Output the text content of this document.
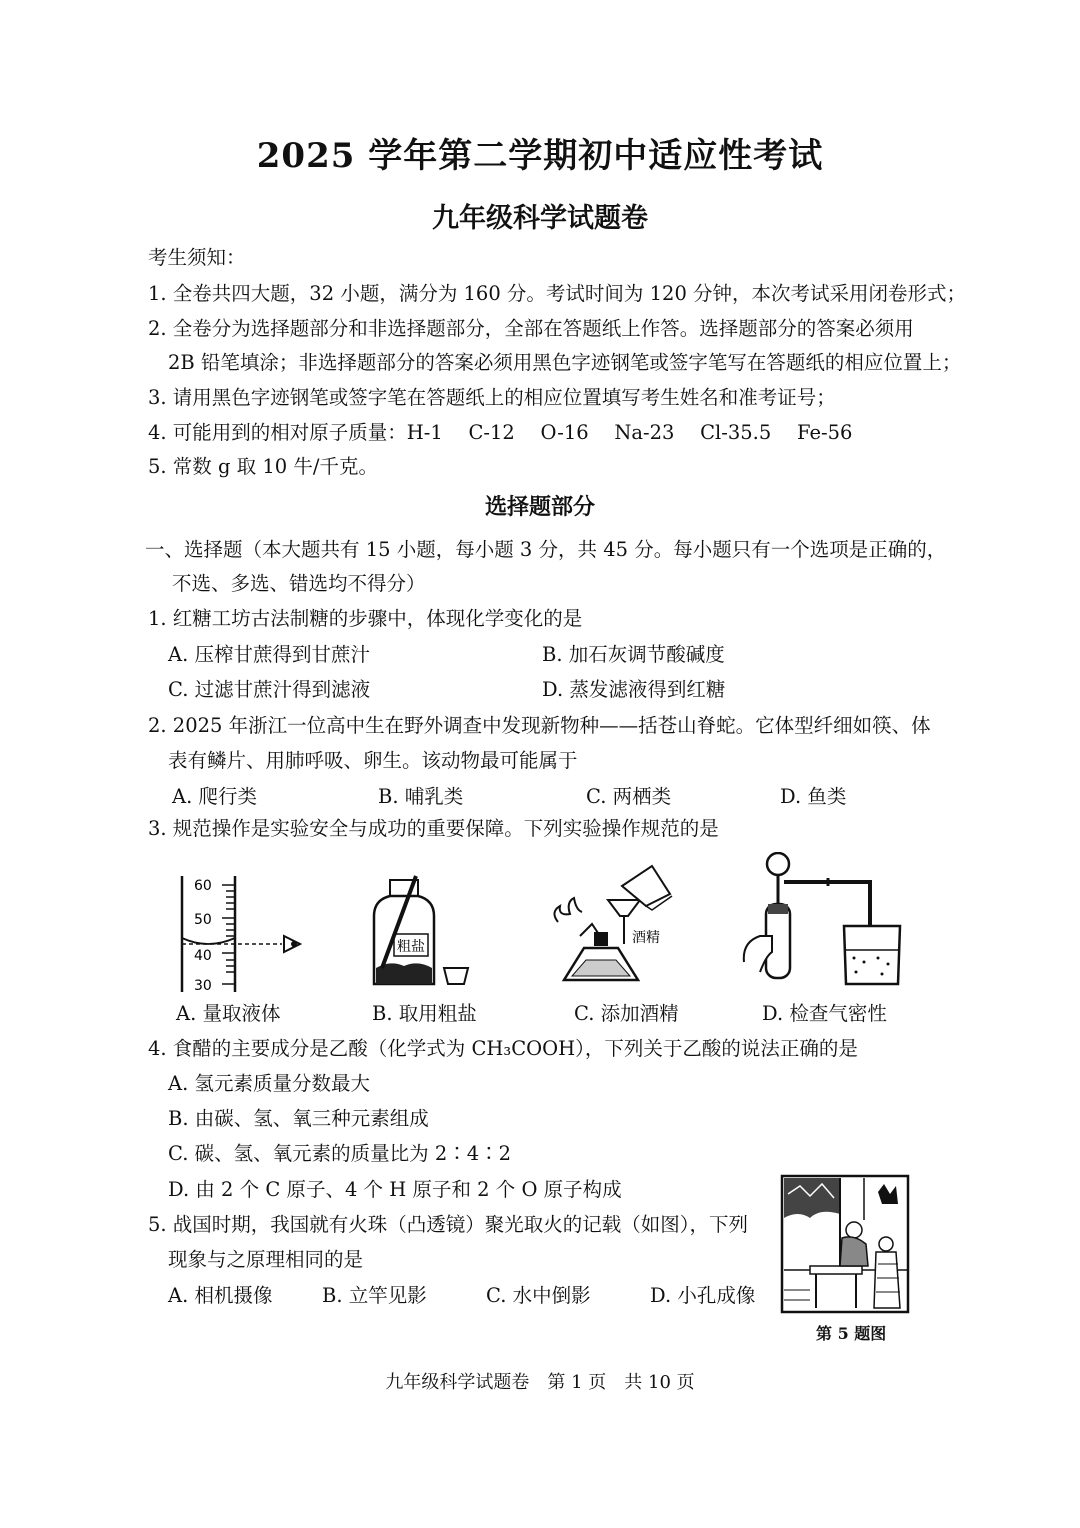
2025 学年第二学期初中适应性考试
九年级科学试题卷
考生须知：
1. 全卷共四大题，32 小题，满分为 160 分。考试时间为 120 分钟，本次考试采用闭卷形式；
2. 全卷分为选择题部分和非选择题部分，全部在答题纸上作答。选择题部分的答案必须用
2B 铅笔填涂；非选择题部分的答案必须用黑色字迹钢笔或签字笔写在答题纸的相应位置上；
3. 请用黑色字迹钢笔或签字笔在答题纸上的相应位置填写考生姓名和准考证号；
4. 可能用到的相对原子质量：H-1　 C-12　 O-16　 Na-23　 Cl-35.5　 Fe-56
5. 常数 g 取 10 牛/千克。
选择题部分
一、选择题（本大题共有 15 小题，每小题 3 分，共 45 分。每小题只有一个选项是正确的，
不选、多选、错选均不得分）
1. 红糖工坊古法制糖的步骤中，体现化学变化的是
A. 压榨甘蔗得到甘蔗汁	B. 加石灰调节酸碱度
C. 过滤甘蔗汁得到滤液	D. 蒸发滤液得到红糖
2. 2025 年浙江一位高中生在野外调查中发现新物种——括苍山脊蛇。它体型纤细如筷、体
表有鳞片、用肺呼吸、卵生。该动物最可能属于
A. 爬行类	B. 哺乳类	C. 两栖类	D. 鱼类
3. 规范操作是实验安全与成功的重要保障。下列实验操作规范的是
60
50
40
30
粗盐
酒精
A. 量取液体	B. 取用粗盐	C. 添加酒精	D. 检查气密性
4. 食醋的主要成分是乙酸（化学式为 CH₃COOH），下列关于乙酸的说法正确的是
A. 氢元素质量分数最大
B. 由碳、氢、氧三种元素组成
C. 碳、氢、氧元素的质量比为 2∶4∶2
D. 由 2 个 C 原子、4 个 H 原子和 2 个 O 原子构成
5. 战国时期，我国就有火珠（凸透镜）聚光取火的记载（如图），下列
现象与之原理相同的是
A. 相机摄像	B. 立竿见影	C. 水中倒影	D. 小孔成像
第 5 题图
九年级科学试题卷　第 1 页　共 10 页
